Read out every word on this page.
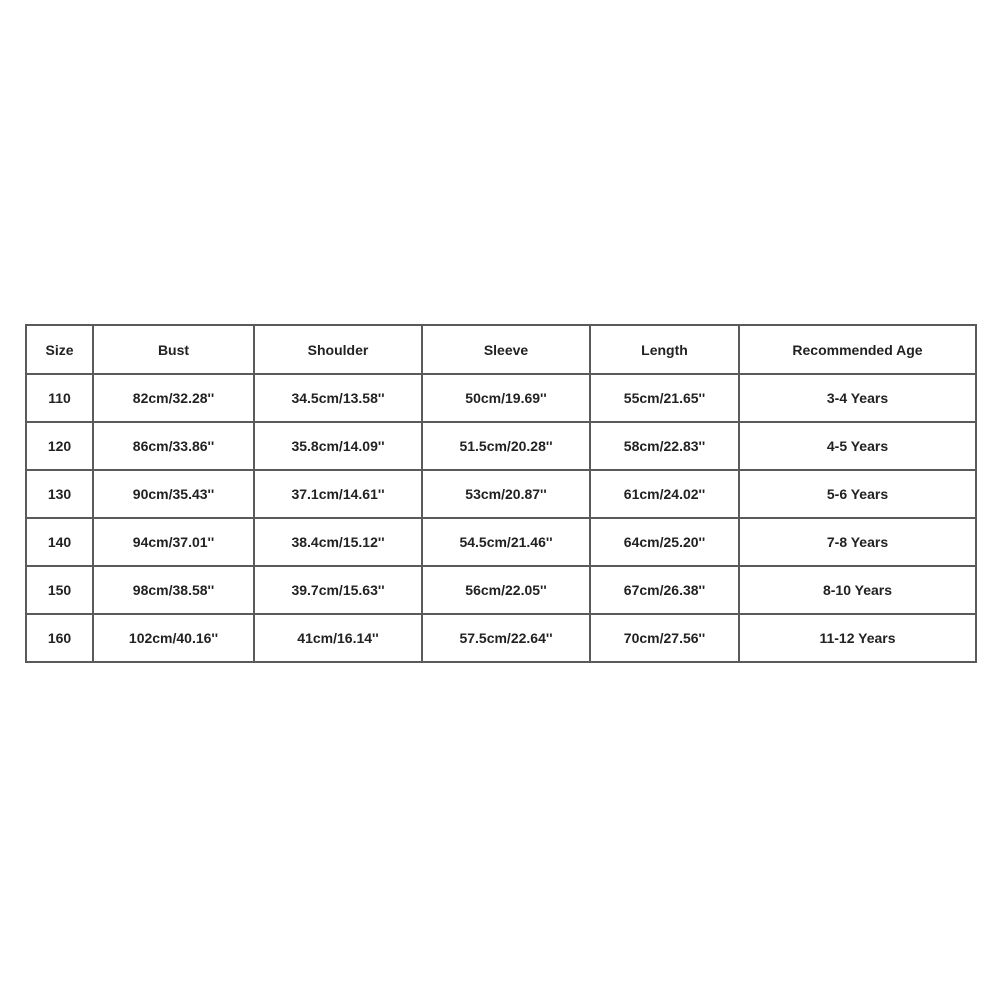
Size	Bust	Shoulder	Sleeve	Length	Recommended Age
110	82cm/32.28''	34.5cm/13.58''	50cm/19.69''	55cm/21.65''	3-4 Years
120	86cm/33.86''	35.8cm/14.09''	51.5cm/20.28''	58cm/22.83''	4-5 Years
130	90cm/35.43''	37.1cm/14.61''	53cm/20.87''	61cm/24.02''	5-6 Years
140	94cm/37.01''	38.4cm/15.12''	54.5cm/21.46''	64cm/25.20''	7-8 Years
150	98cm/38.58''	39.7cm/15.63''	56cm/22.05''	67cm/26.38''	8-10 Years
160	102cm/40.16''	41cm/16.14''	57.5cm/22.64''	70cm/27.56''	11-12 Years
